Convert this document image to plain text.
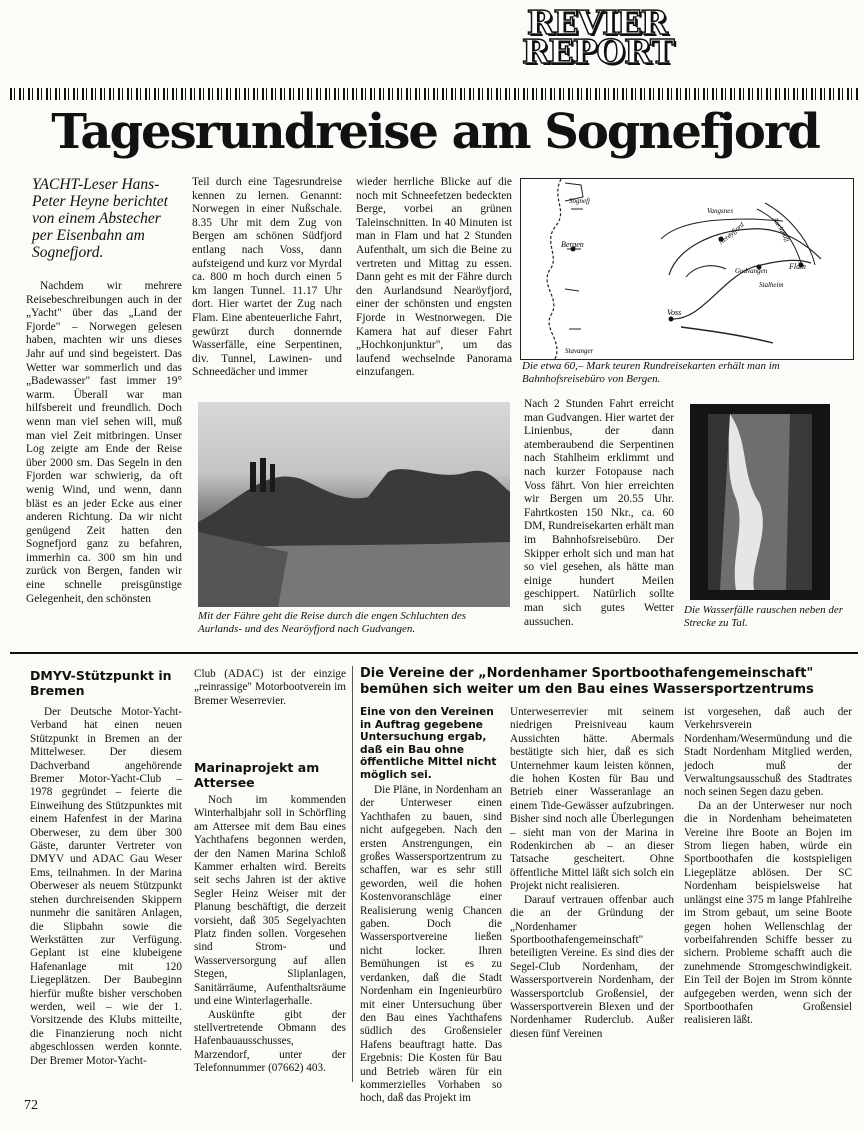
REVIER
REPORT
Tagesrundreise am Sognefjord

YACHT-Leser Hans-Peter Heyne berichtet von einem Abstecher per Eisenbahn am Sognefjord.

Nachdem wir mehrere Reisebeschreibungen auch in der „Yacht" über das „Land der Fjorde" – Norwegen gelesen haben, machten wir uns dieses Jahr auf und sind begeistert. Das Wetter war sommerlich und das „Badewasser" fast immer 19° warm. Überall war man hilfsbereit und freundlich. Doch wenn man viel sehen will, muß man viel Zeit mitbringen. Unser Log zeigte am Ende der Reise über 2000 sm. Das Segeln in den Fjorden war schwierig, da oft wenig Wind, und wenn, dann bläst es an jeder Ecke aus einer anderen Richtung. Da wir nicht genügend Zeit hatten den Sognefjord ganz zu befahren, immerhin ca. 300 sm hin und zurück von Bergen, fanden wir eine schnelle preisgünstige Gelegenheit, den schönsten

Teil durch eine Tagesrundreise kennen zu lernen. Genannt: Norwegen in einer Nußschale. 8.35 Uhr mit dem Zug von Bergen am schönen Südfjord entlang nach Voss, dann aufsteigend und kurz vor Myrdal ca. 800 m hoch durch einen 5 km langen Tunnel. 11.17 Uhr dort. Hier wartet der Zug nach Flam. Eine abenteuerliche Fahrt, gewürzt durch donnernde Wasserfälle, eine Serpentinen, div. Tunnel, Lawinen- und Schneedächer und immer

wieder herrliche Blicke auf die noch mit Schneefetzen bedeckten Berge, vorbei an grünen Taleinschnitten. In 40 Minuten ist man in Flam und hat 2 Stunden Aufenthalt, um sich die Beine zu vertreten und Mittag zu essen. Dann geht es mit der Fähre durch den Aurlandsund Nearöyfjord, einer der schönsten und engsten Fjorde in Westnorwegen. Die Kamera hat auf dieser Fahrt „Hochkonjunktur", um das laufend wechselnde Panorama einzufangen.

Nach 2 Stunden Fahrt erreicht man Gudvangen. Hier wartet der Linienbus, der dann atemberaubend die Serpentinen nach Stahlheim erklimmt und nach kurzer Fotopause nach Voss fährt. Von hier erreichten wir Bergen um 20.55 Uhr. Fahrtkosten 150 Nkr., ca. 60 DM, Rundreisekarten erhält man im Bahnhofsreisebüro. Der Skipper erholt sich und man hat so viel gesehen, als hätte man einige hundert Meilen geschippert. Natürlich sollte man sich gutes Wetter aussuchen.

Sognefj
Vangsnes
Aurlandfj
Nerøyfjord
Bergen
Gudvangen	Flåm
Stalheim
Voss
Stavanger

Die etwa 60,– Mark teuren Rundreisekarten erhält man im Bahnhofsreisebüro von Bergen.

Mit der Fähre geht die Reise durch die engen Schluchten des Aurlands- und des Nearöyfjord nach Gudvangen.

Die Wasserfälle rauschen neben der Strecke zu Tal.

DMYV-Stützpunkt in Bremen

Der Deutsche Motor-Yacht-Verband hat einen neuen Stützpunkt in Bremen an der Mittelweser. Der diesem Dachverband angehörende Bremer Motor-Yacht-Club – 1978 gegründet – feierte die Einweihung des Stützpunktes mit einem Hafenfest in der Marina Oberweser, zu dem über 300 Gäste, darunter Vertreter von DMYV und ADAC Gau Weser Ems, teilnahmen. In der Marina Oberweser als neuem Stützpunkt stehen durchreisenden Skippern nunmehr die sanitären Anlagen, die Slipbahn sowie die Werkstätten zur Verfügung. Geplant ist eine klubeigene Hafenanlage mit 120 Liegeplätzen. Der Baubeginn hierfür mußte bisher verschoben werden, weil – wie der 1. Vorsitzende des Klubs mitteilte, die Finanzierung noch nicht abgeschlossen werden konnte. Der Bremer Motor-Yacht-

Club (ADAC) ist der einzige „reinrassige" Motorbootverein im Bremer Weserrevier.

Marinaprojekt am Attersee

Noch im kommenden Winterhalbjahr soll in Schörfling am Attersee mit dem Bau eines Yachthafens begonnen werden, der den Namen Marina Schloß Kammer erhalten wird. Bereits seit sechs Jahren ist der aktive Segler Heinz Weiser mit der Planung beschäftigt, die derzeit vorsieht, daß 305 Segelyachten Platz finden sollen. Vorgesehen sind Strom- und Wasserversorgung auf allen Stegen, Sliplanlagen, Sanitärräume, Aufenthaltsräume und eine Winterlagerhalle.

Auskünfte gibt der stellvertretende Obmann des Hafenbauausschusses, Marzendorf, unter der Telefonnummer (07662) 403.

Die Vereine der „Nordenhamer Sportboothafengemeinschaft" bemühen sich weiter um den Bau eines Wassersportzentrums

Eine von den Vereinen in Auftrag gegebene Untersuchung ergab, daß ein Bau ohne öffentliche Mittel nicht möglich sei.

Die Pläne, in Nordenham an der Unterweser einen Yachthafen zu bauen, sind nicht aufgegeben. Nach den ersten Anstrengungen, ein großes Wassersportzentrum zu schaffen, war es sehr still geworden, weil die hohen Kostenvoranschläge einer Realisierung wenig Chancen gaben. Doch die Wassersportvereine ließen nicht locker. Ihren Bemühungen ist es zu verdanken, daß die Stadt Nordenham ein Ingenieurbüro mit einer Untersuchung über den Bau eines Yachthafens südlich des Großensieler Hafens beauftragt hatte. Das Ergebnis: Die Kosten für Bau und Betrieb wären für ein kommerzielles Vorhaben so hoch, daß das Projekt im

Unterweserrevier mit seinem niedrigen Preisniveau kaum Aussichten hätte. Abermals bestätigte sich hier, daß es sich Unternehmer kaum leisten können, die hohen Kosten für Bau und Betrieb einer Wasseranlage an einem Tide-Gewässer aufzubringen. Bisher sind noch alle Überlegungen – sieht man von der Marina in Rodenkirchen ab – an dieser Tatsache gescheitert. Ohne öffentliche Mittel läßt sich solch ein Projekt nicht realisieren.

Darauf vertrauen offenbar auch die an der Gründung der „Nordenhamer Sportboothafengemeinschaft" beteiligten Vereine. Es sind dies der Segel-Club Nordenham, der Wassersportverein Nordenham, der Wassersportclub Großensiel, der Wassersportverein Blexen und der Nordenhamer Ruderclub. Außer diesen fünf Vereinen

ist vorgesehen, daß auch der Verkehrsverein Nordenham/Wesermündung und die Stadt Nordenham Mitglied werden, jedoch muß der Verwaltungsausschuß des Stadtrates noch seinen Segen dazu geben.

Da an der Unterweser nur noch die in Nordenham beheimateten Vereine ihre Boote an Bojen im Strom liegen haben, würde ein Sportboothafen die kostspieligen Liegeplätze ablösen. Der SC Nordenham beispielsweise hat unlängst eine 375 m lange Pfahlreihe im Strom gebaut, um seine Boote gegen hohen Wellenschlag der vorbeifahrenden Schiffe besser zu sichern. Probleme schafft auch die zunehmende Stromgeschwindigkeit. Ein Teil der Bojen im Strom könnte aufgegeben werden, wenn sich der Sportboothafen Großensiel realisieren läßt.

72
